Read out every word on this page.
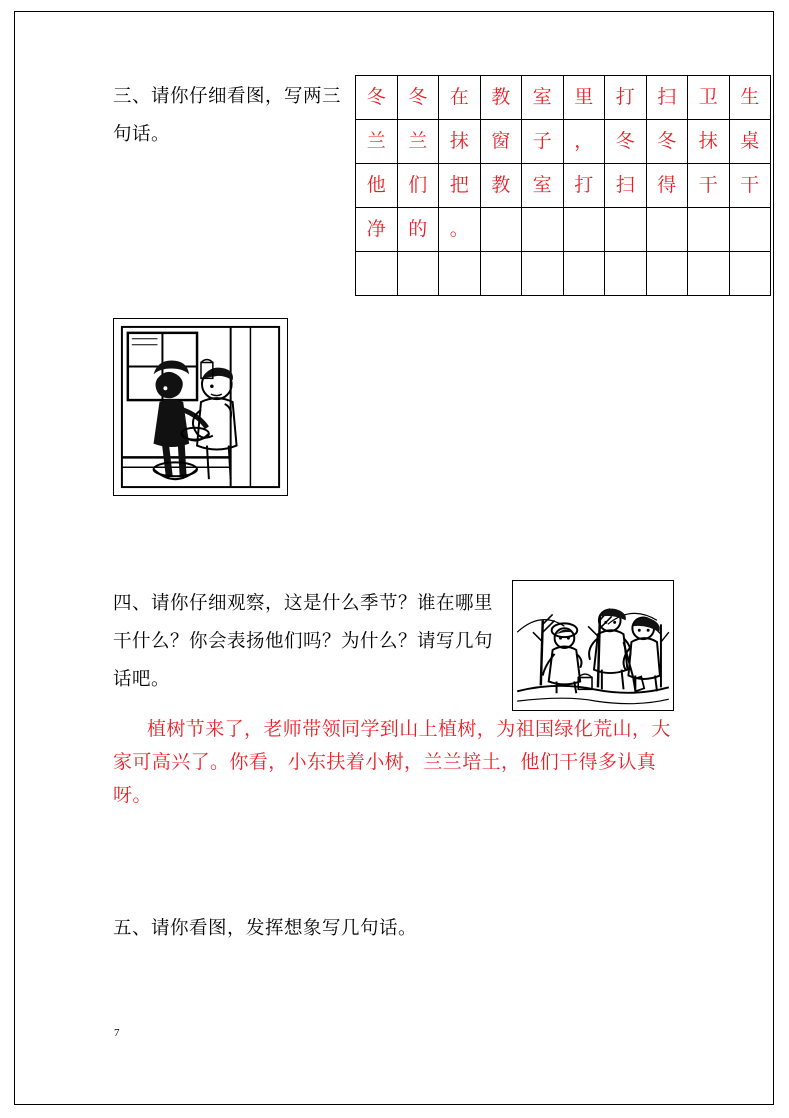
三、请你仔细看图，写两三句话。
冬	冬	在	教	室	里	打	扫	卫	生
兰	兰	抹	窗	子	，	冬	冬	抹	桌
他	们	把	教	室	打	扫	得	干	干
净	的	。
四、请你仔细观察，这是什么季节？谁在哪里干什么？你会表扬他们吗？为什么？请写几句话吧。
植树节来了，老师带领同学到山上植树，为祖国绿化荒山，大家可高兴了。你看，小东扶着小树，兰兰培土，他们干得多认真呀。
五、请你看图，发挥想象写几句话。
7
